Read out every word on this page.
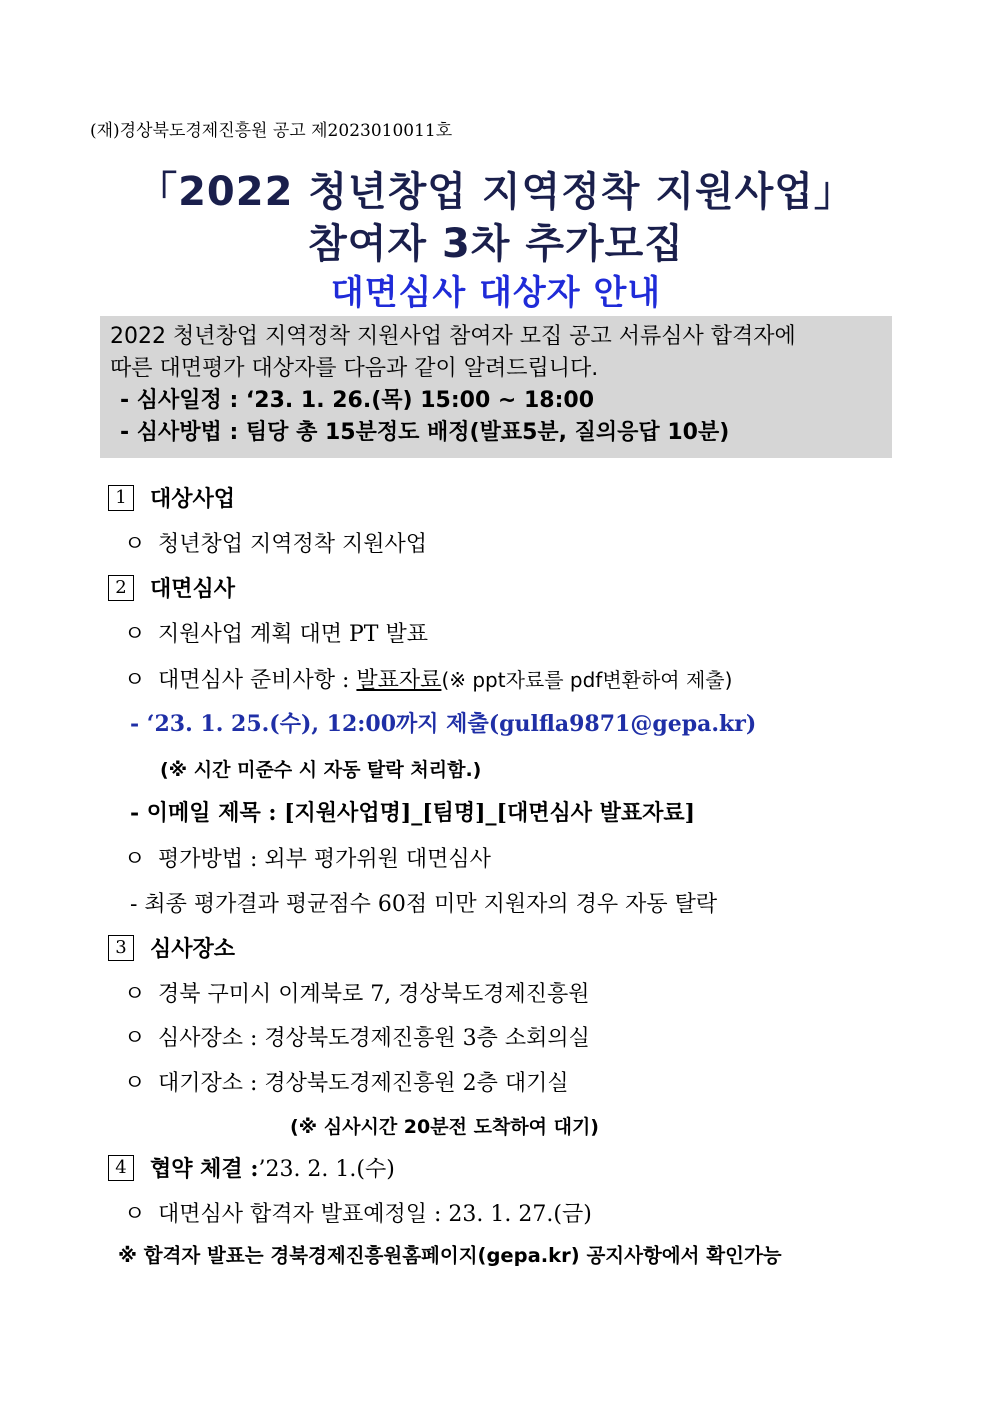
(재)경상북도경제진흥원 공고 제2023010011호
「2022 청년창업 지역정착 지원사업」
참여자 3차 추가모집
대면심사 대상자 안내
2022 청년창업 지역정착 지원사업 참여자 모집 공고 서류심사 합격자에
따른 대면평가 대상자를 다음과 같이 알려드립니다.
- 심사일정 : ‘23. 1. 26.(목) 15:00 ~ 18:00
- 심사방법 : 팀당 총 15분정도 배정(발표5분, 질의응답 10분)
1	대상사업
ㅇ 청년창업 지역정착 지원사업
2	대면심사
ㅇ 지원사업 계획 대면 PT 발표
ㅇ 대면심사 준비사항 : 발표자료(※ ppt자료를 pdf변환하여 제출)
- ‘23. 1. 25.(수), 12:00까지 제출(gulfla9871@gepa.kr)
(※ 시간 미준수 시 자동 탈락 처리함.)
- 이메일 제목 : [지원사업명]_[팀명]_[대면심사 발표자료]
ㅇ 평가방법 : 외부 평가위원 대면심사
- 최종 평가결과 평균점수 60점 미만 지원자의 경우 자동 탈락
3	심사장소
ㅇ 경북 구미시 이계북로 7, 경상북도경제진흥원
ㅇ 심사장소 : 경상북도경제진흥원 3층 소회의실
ㅇ 대기장소 : 경상북도경제진흥원 2층 대기실
(※ 심사시간 20분전 도착하여 대기)
4	협약 체결 : ’23. 2. 1.(수)
ㅇ 대면심사 합격자 발표예정일 : 23. 1. 27.(금)
※ 합격자 발표는 경북경제진흥원홈페이지(gepa.kr) 공지사항에서 확인가능
